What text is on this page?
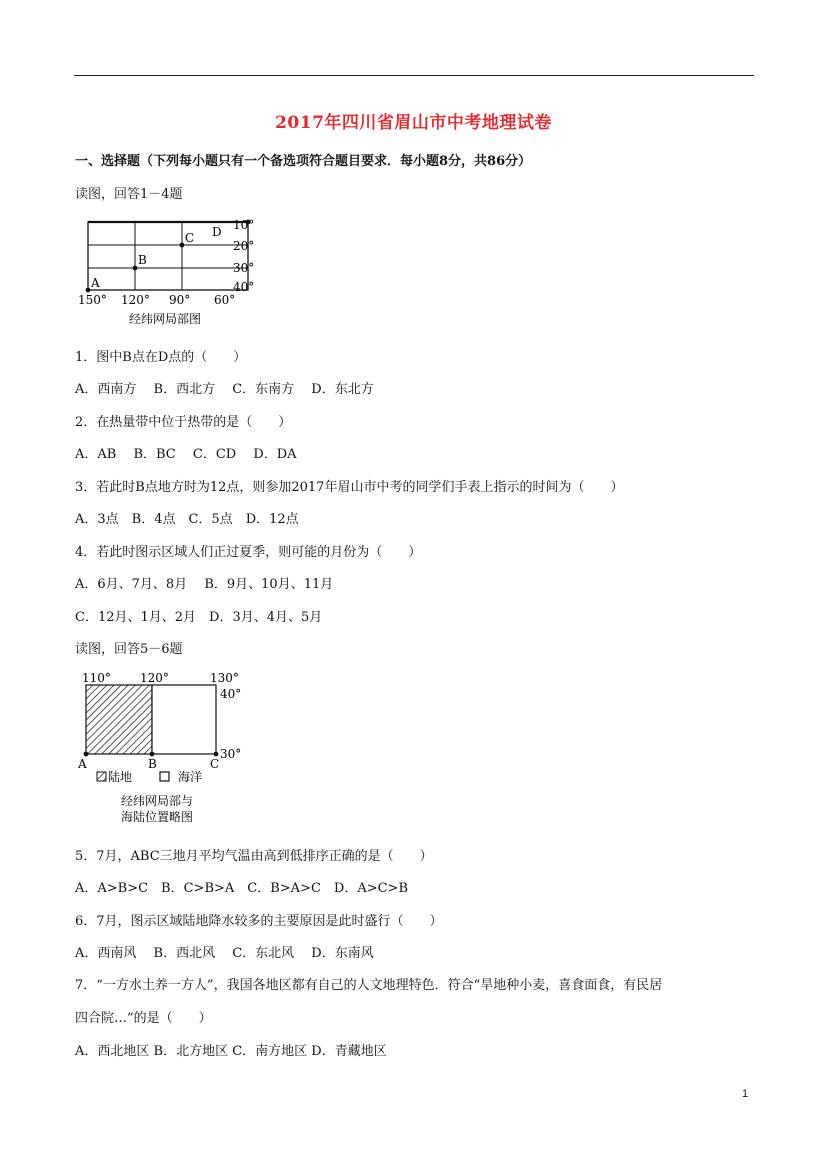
2017年四川省眉山市中考地理试卷
一、选择题（下列每小题只有一个备选项符合题目要求．每小题8分，共86分）
读图，回答1－4题
A
B
C D 10°
20°
30°
40°
150° 120° 90° 60°
经纬网局部图
1．图中B点在D点的（　　）
A．西南方　 B．西北方　 C．东南方　 D．东北方
2．在热量带中位于热带的是（　　）
A．AB　 B．BC　 C．CD　 D．DA
3．若此时B点地方时为12点，则参加2017年眉山市中考的同学们手表上指示的时间为（　　）
A．3点　B．4点　C．5点　D．12点
4．若此时图示区域人们正过夏季，则可能的月份为（　　）
A．6月、7月、8月　 B．9月、10月、11月
C．12月、1月、2月　D．3月、4月、5月
读图，回答5－6题
110° 120°	130°
40°
30°
A	B	C
陆地	海洋
经纬网局部与
海陆位置略图
5．7月，ABC三地月平均气温由高到低排序正确的是（　　）
A．A>B>C　B．C>B>A　C．B>A>C　D．A>C>B
6．7月，图示区域陆地降水较多的主要原因是此时盛行（　　）
A．西南风　 B．西北风　 C．东北风　 D．东南风
7．“一方水土养一方人”，我国各地区都有自己的人文地理特色．符合“旱地种小麦，喜食面食，有民居
四合院…”的是（　　）
A．西北地区 B．北方地区 C．南方地区 D．青藏地区
1
